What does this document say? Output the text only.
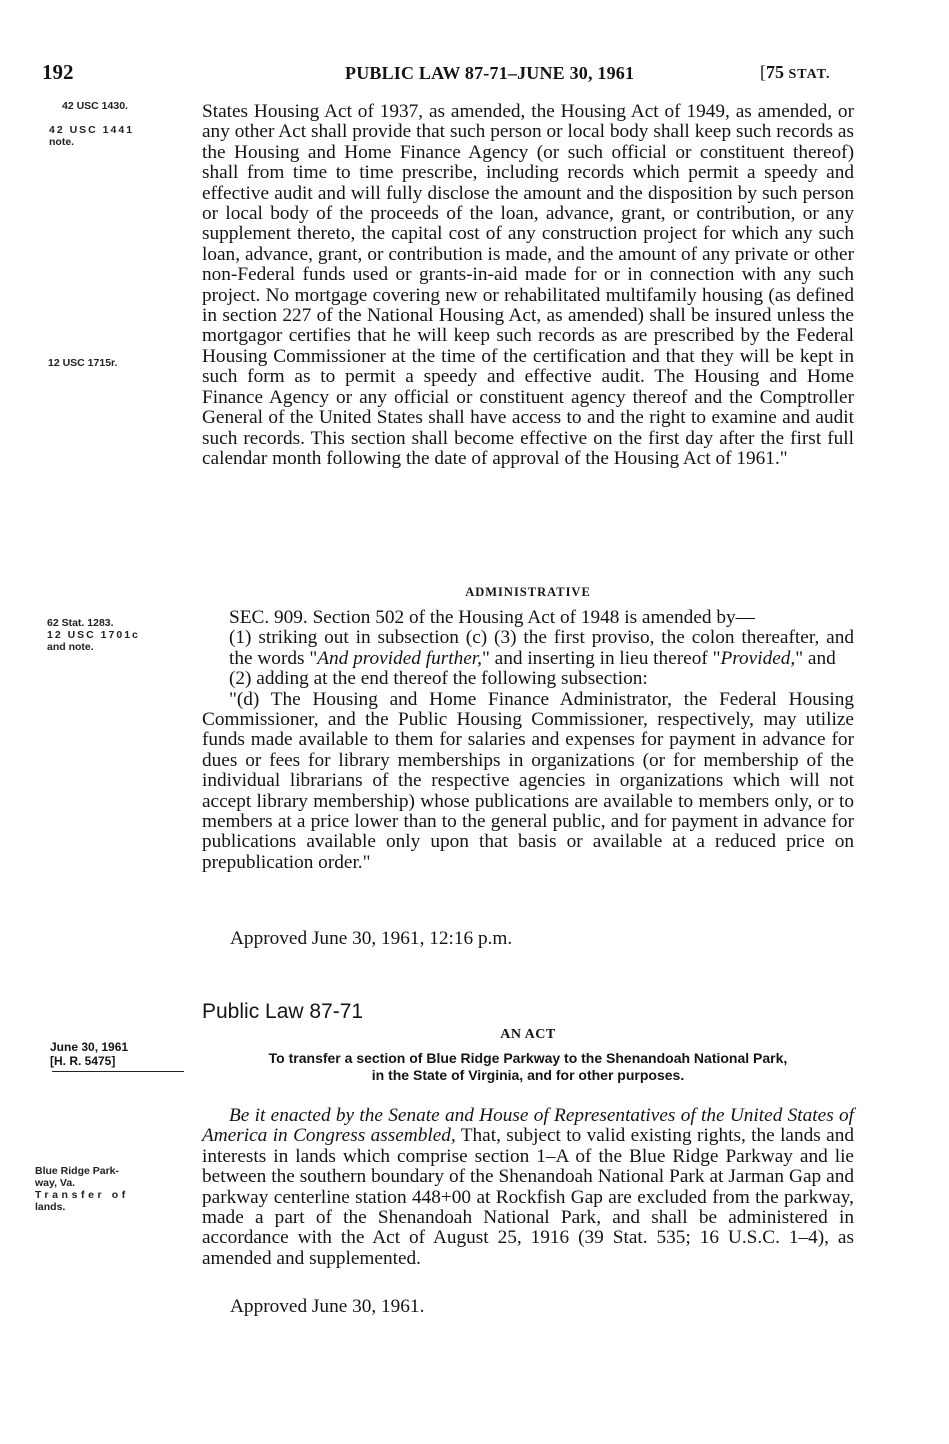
192	PUBLIC LAW 87-71–JUNE 30, 1961	[75 STAT.
42 USC 1430.
42 USC 1441
note.
12 USC 1715r.
62 Stat. 1283.
12 USC 1701c
and note.

States Housing Act of 1937, as amended, the Housing Act of 1949, as amended, or any other Act shall provide that such person or local body shall keep such records as the Housing and Home Finance Agency (or such official or constituent thereof) shall from time to time prescribe, including records which permit a speedy and effective audit and will fully disclose the amount and the disposition by such person or local body of the proceeds of the loan, advance, grant, or contribution, or any supplement thereto, the capital cost of any construction project for which any such loan, advance, grant, or contribution is made, and the amount of any private or other non-Federal funds used or grants-in-aid made for or in connection with any such project. No mortgage covering new or rehabilitated multifamily housing (as defined in section 227 of the National Housing Act, as amended) shall be insured unless the mortgagor certifies that he will keep such records as are prescribed by the Federal Housing Commissioner at the time of the certification and that they will be kept in such form as to permit a speedy and effective audit. The Housing and Home Finance Agency or any official or constituent agency thereof and the Comptroller General of the United States shall have access to and the right to examine and audit such records. This section shall become effective on the first day after the first full calendar month following the date of approval of the Housing Act of 1961."

ADMINISTRATIVE

SEC. 909. Section 502 of the Housing Act of 1948 is amended by—

(1) striking out in subsection (c) (3) the first proviso, the colon thereafter, and the words "And provided further," and inserting in lieu thereof "Provided," and

(2) adding at the end thereof the following subsection:

"(d) The Housing and Home Finance Administrator, the Federal Housing Commissioner, and the Public Housing Commissioner, respectively, may utilize funds made available to them for salaries and expenses for payment in advance for dues or fees for library memberships in organizations (or for membership of the individual librarians of the respective agencies in organizations which will not accept library membership) whose publications are available to members only, or to members at a price lower than to the general public, and for payment in advance for publications available only upon that basis or available at a reduced price on prepublication order."

Approved June 30, 1961, 12:16 p.m.
Public Law 87-71
AN ACT
June 30, 1961
[H. R. 5475]	To transfer a section of Blue Ridge Parkway to the Shenandoah National Park,
in the State of Virginia, and for other purposes.
Blue Ridge Park-
way, Va.
Transfer of
lands.

Be it enacted by the Senate and House of Representatives of the United States of America in Congress assembled, That, subject to valid existing rights, the lands and interests in lands which comprise section 1–A of the Blue Ridge Parkway and lie between the southern boundary of the Shenandoah National Park at Jarman Gap and parkway centerline station 448+00 at Rockfish Gap are excluded from the parkway, made a part of the Shenandoah National Park, and shall be administered in accordance with the Act of August 25, 1916 (39 Stat. 535; 16 U.S.C. 1–4), as amended and supplemented.

Approved June 30, 1961.
